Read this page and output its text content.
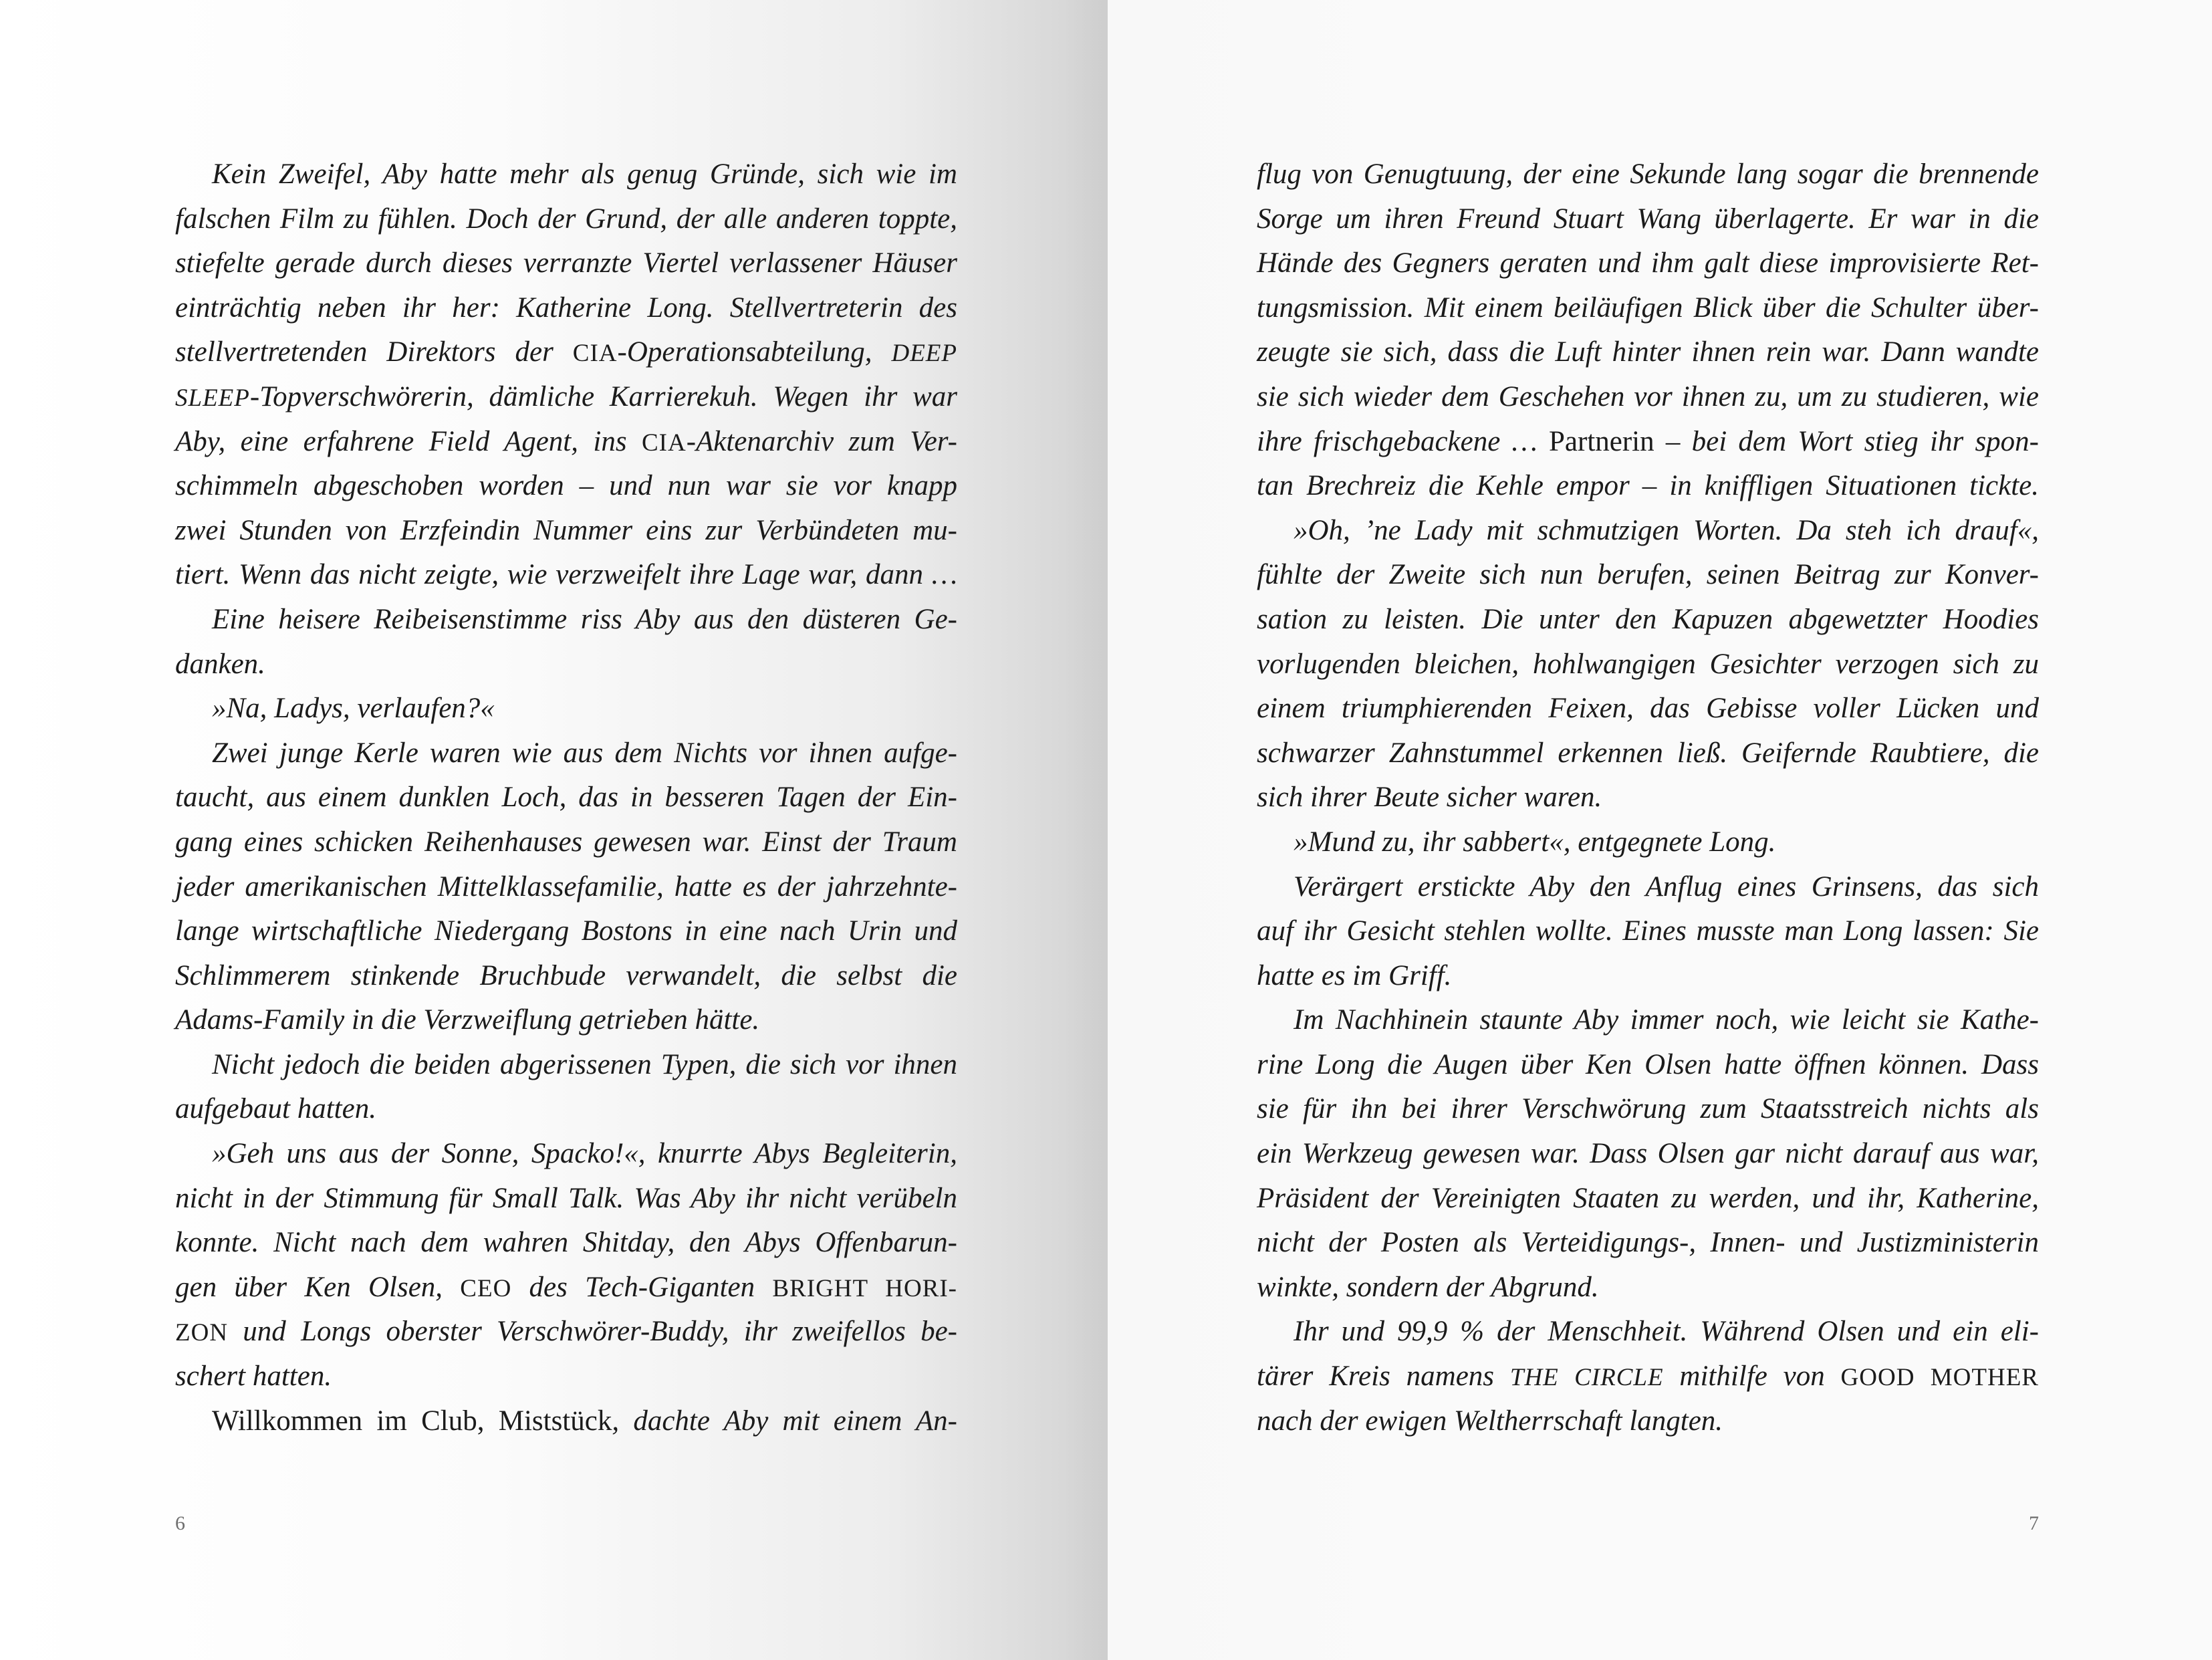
Kein Zweifel, Aby hatte mehr als genug Gründe, sich wie im
falschen Film zu fühlen. Doch der Grund, der alle anderen toppte,
stiefelte gerade durch dieses verranzte Viertel verlassener Häuser
einträchtig neben ihr her: Katherine Long. Stellvertreterin des
stellvertretenden Direktors der CIA-Operationsabteilung, DEEP
SLEEP-Topverschwörerin, dämliche Karrierekuh. Wegen ihr war
Aby, eine erfahrene Field Agent, ins CIA-Aktenarchiv zum Ver-
schimmeln abgeschoben worden – und nun war sie vor knapp
zwei Stunden von Erzfeindin Nummer eins zur Verbündeten mu-
tiert. Wenn das nicht zeigte, wie verzweifelt ihre Lage war, dann …
Eine heisere Reibeisenstimme riss Aby aus den düsteren Ge-
danken.
»Na, Ladys, verlaufen?«
Zwei junge Kerle waren wie aus dem Nichts vor ihnen aufge-
taucht, aus einem dunklen Loch, das in besseren Tagen der Ein-
gang eines schicken Reihenhauses gewesen war. Einst der Traum
jeder amerikanischen Mittelklassefamilie, hatte es der jahrzehnte-
lange wirtschaftliche Niedergang Bostons in eine nach Urin und
Schlimmerem stinkende Bruchbude verwandelt, die selbst die
Adams-Family in die Verzweiflung getrieben hätte.
Nicht jedoch die beiden abgerissenen Typen, die sich vor ihnen
aufgebaut hatten.
»Geh uns aus der Sonne, Spacko!«, knurrte Abys Begleiterin,
nicht in der Stimmung für Small Talk. Was Aby ihr nicht verübeln
konnte. Nicht nach dem wahren Shitday, den Abys Offenbarun-
gen über Ken Olsen, CEO des Tech-Giganten BRIGHT HORI-
ZON und Longs oberster Verschwörer-Buddy, ihr zweifellos be-
schert hatten.
Willkommen im Club, Miststück, dachte Aby mit einem An-
6
flug von Genugtuung, der eine Sekunde lang sogar die brennende
Sorge um ihren Freund Stuart Wang überlagerte. Er war in die
Hände des Gegners geraten und ihm galt diese improvisierte Ret-
tungsmission. Mit einem beiläufigen Blick über die Schulter über-
zeugte sie sich, dass die Luft hinter ihnen rein war. Dann wandte
sie sich wieder dem Geschehen vor ihnen zu, um zu studieren, wie
ihre frischgebackene … Partnerin – bei dem Wort stieg ihr spon-
tan Brechreiz die Kehle empor – in kniffligen Situationen tickte.
»Oh, ’ne Lady mit schmutzigen Worten. Da steh ich drauf«,
fühlte der Zweite sich nun berufen, seinen Beitrag zur Konver-
sation zu leisten. Die unter den Kapuzen abgewetzter Hoodies
vorlugenden bleichen, hohlwangigen Gesichter verzogen sich zu
einem triumphierenden Feixen, das Gebisse voller Lücken und
schwarzer Zahnstummel erkennen ließ. Geifernde Raubtiere, die
sich ihrer Beute sicher waren.
»Mund zu, ihr sabbert«, entgegnete Long.
Verärgert erstickte Aby den Anflug eines Grinsens, das sich
auf ihr Gesicht stehlen wollte. Eines musste man Long lassen: Sie
hatte es im Griff.
Im Nachhinein staunte Aby immer noch, wie leicht sie Kathe-
rine Long die Augen über Ken Olsen hatte öffnen können. Dass
sie für ihn bei ihrer Verschwörung zum Staatsstreich nichts als
ein Werkzeug gewesen war. Dass Olsen gar nicht darauf aus war,
Präsident der Vereinigten Staaten zu werden, und ihr, Katherine,
nicht der Posten als Verteidigungs-, Innen- und Justizministerin
winkte, sondern der Abgrund.
Ihr und 99,9 % der Menschheit. Während Olsen und ein eli-
tärer Kreis namens THE CIRCLE mithilfe von GOOD MOTHER
nach der ewigen Weltherrschaft langten.
7
